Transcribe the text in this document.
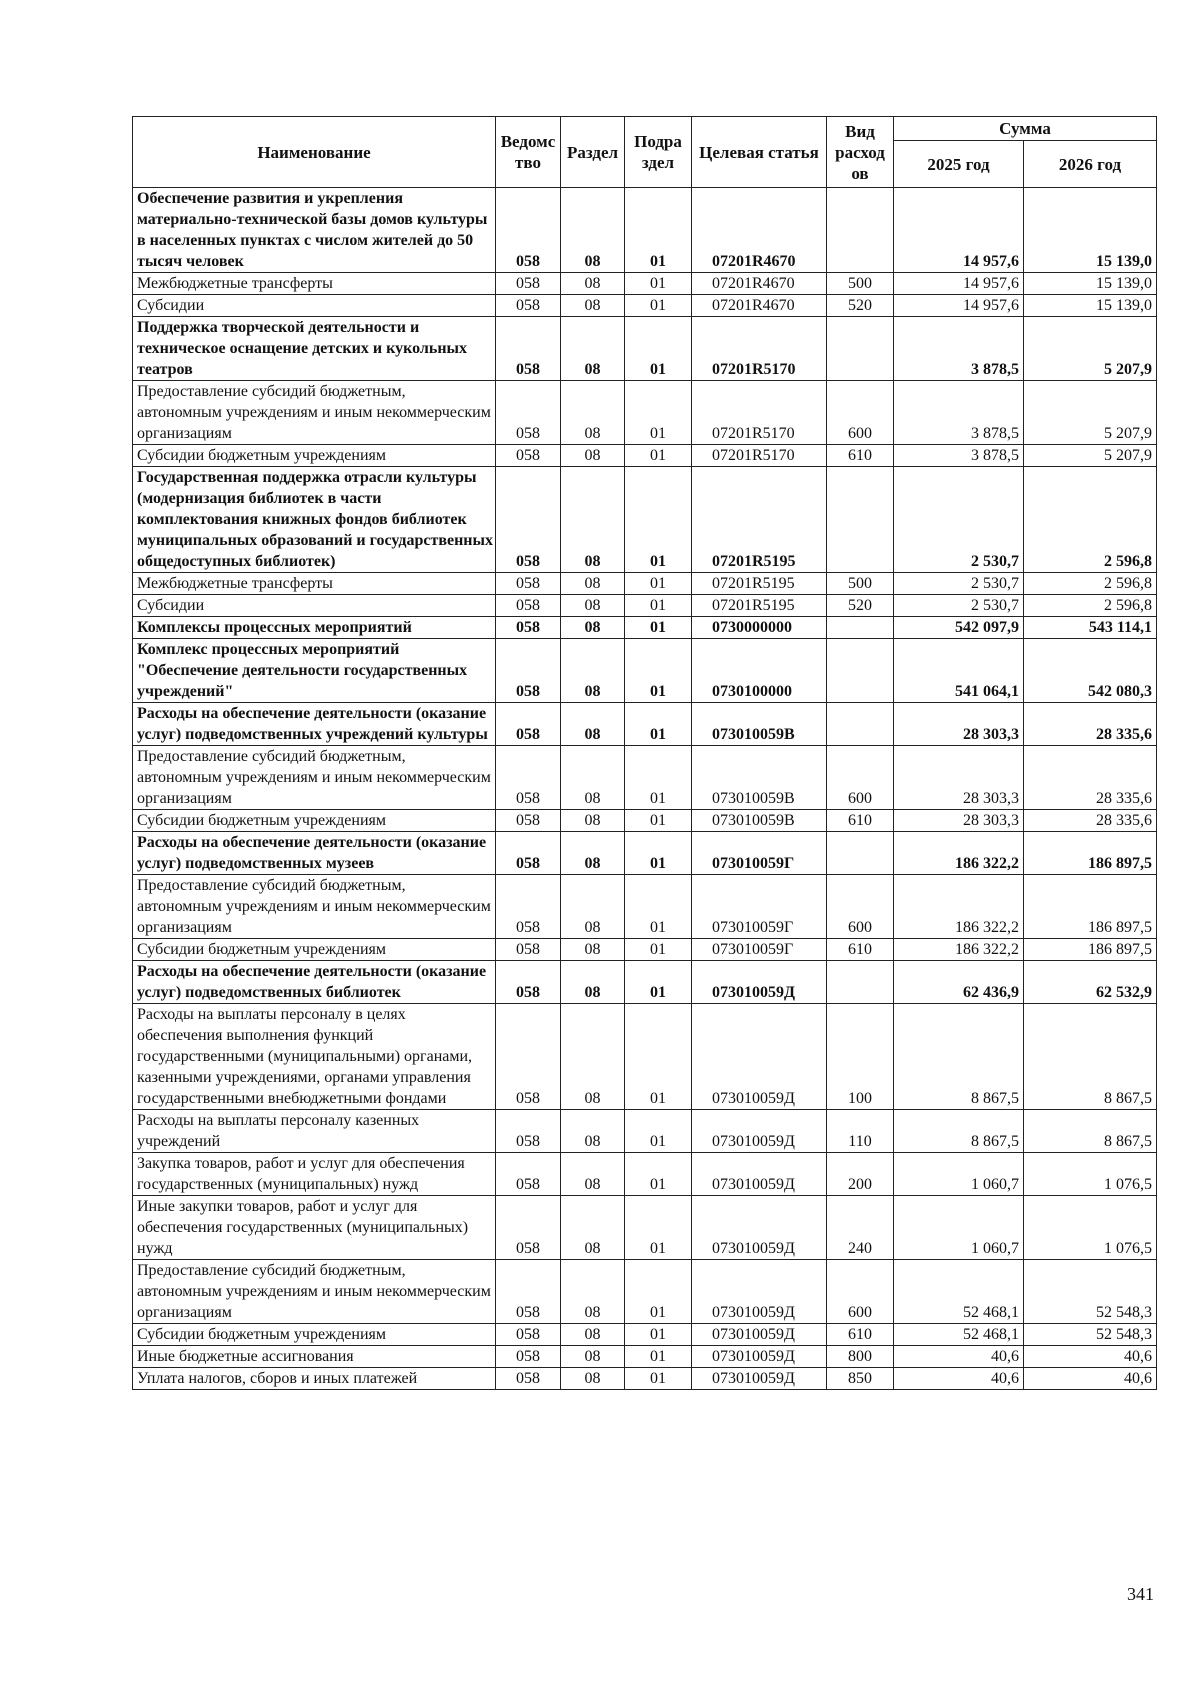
Наименование	Ведомс тво	Раздел	Подра здел	Целевая статья	Вид расход ов	Сумма	
						2025 год	2026 год
Обеспечение развития и укрепления материально-технической базы домов культуры в населенных пунктах с числом жителей до 50 тысяч человек	058	08	01	07201R4670		14 957,6	15 139,0
Межбюджетные трансферты	058	08	01	07201R4670	500	14 957,6	15 139,0
Субсидии	058	08	01	07201R4670	520	14 957,6	15 139,0
Поддержка творческой деятельности и техническое оснащение детских и кукольных театров	058	08	01	07201R5170		3 878,5	5 207,9
Предоставление субсидий бюджетным, автономным учреждениям и иным некоммерческим организациям	058	08	01	07201R5170	600	3 878,5	5 207,9
Субсидии бюджетным учреждениям	058	08	01	07201R5170	610	3 878,5	5 207,9
Государственная поддержка отрасли культуры (модернизация библиотек в части комплектования книжных фондов библиотек муниципальных образований и государственных общедоступных библиотек)	058	08	01	07201R5195		2 530,7	2 596,8
Межбюджетные трансферты	058	08	01	07201R5195	500	2 530,7	2 596,8
Субсидии	058	08	01	07201R5195	520	2 530,7	2 596,8
Комплексы процессных мероприятий	058	08	01	0730000000		542 097,9	543 114,1
Комплекс процессных мероприятий "Обеспечение деятельности государственных учреждений"	058	08	01	0730100000		541 064,1	542 080,3
Расходы на обеспечение деятельности (оказание услуг) подведомственных учреждений культуры	058	08	01	073010059В		28 303,3	28 335,6
Предоставление субсидий бюджетным, автономным учреждениям и иным некоммерческим организациям	058	08	01	073010059В	600	28 303,3	28 335,6
Субсидии бюджетным учреждениям	058	08	01	073010059В	610	28 303,3	28 335,6
Расходы на обеспечение деятельности (оказание услуг) подведомственных музеев	058	08	01	073010059Г		186 322,2	186 897,5
Предоставление субсидий бюджетным, автономным учреждениям и иным некоммерческим организациям	058	08	01	073010059Г	600	186 322,2	186 897,5
Субсидии бюджетным учреждениям	058	08	01	073010059Г	610	186 322,2	186 897,5
Расходы на обеспечение деятельности (оказание услуг) подведомственных библиотек	058	08	01	073010059Д		62 436,9	62 532,9
Расходы на выплаты персоналу в целях обеспечения выполнения функций государственными (муниципальными) органами, казенными учреждениями, органами управления государственными внебюджетными фондами	058	08	01	073010059Д	100	8 867,5	8 867,5
Расходы на выплаты персоналу казенных учреждений	058	08	01	073010059Д	110	8 867,5	8 867,5
Закупка товаров, работ и услуг для обеспечения государственных (муниципальных) нужд	058	08	01	073010059Д	200	1 060,7	1 076,5
Иные закупки товаров, работ и услуг для обеспечения государственных (муниципальных) нужд	058	08	01	073010059Д	240	1 060,7	1 076,5
Предоставление субсидий бюджетным, автономным учреждениям и иным некоммерческим организациям	058	08	01	073010059Д	600	52 468,1	52 548,3
Субсидии бюджетным учреждениям	058	08	01	073010059Д	610	52 468,1	52 548,3
Иные бюджетные ассигнования	058	08	01	073010059Д	800	40,6	40,6
Уплата налогов, сборов и иных платежей	058	08	01	073010059Д	850	40,6	40,6
341
